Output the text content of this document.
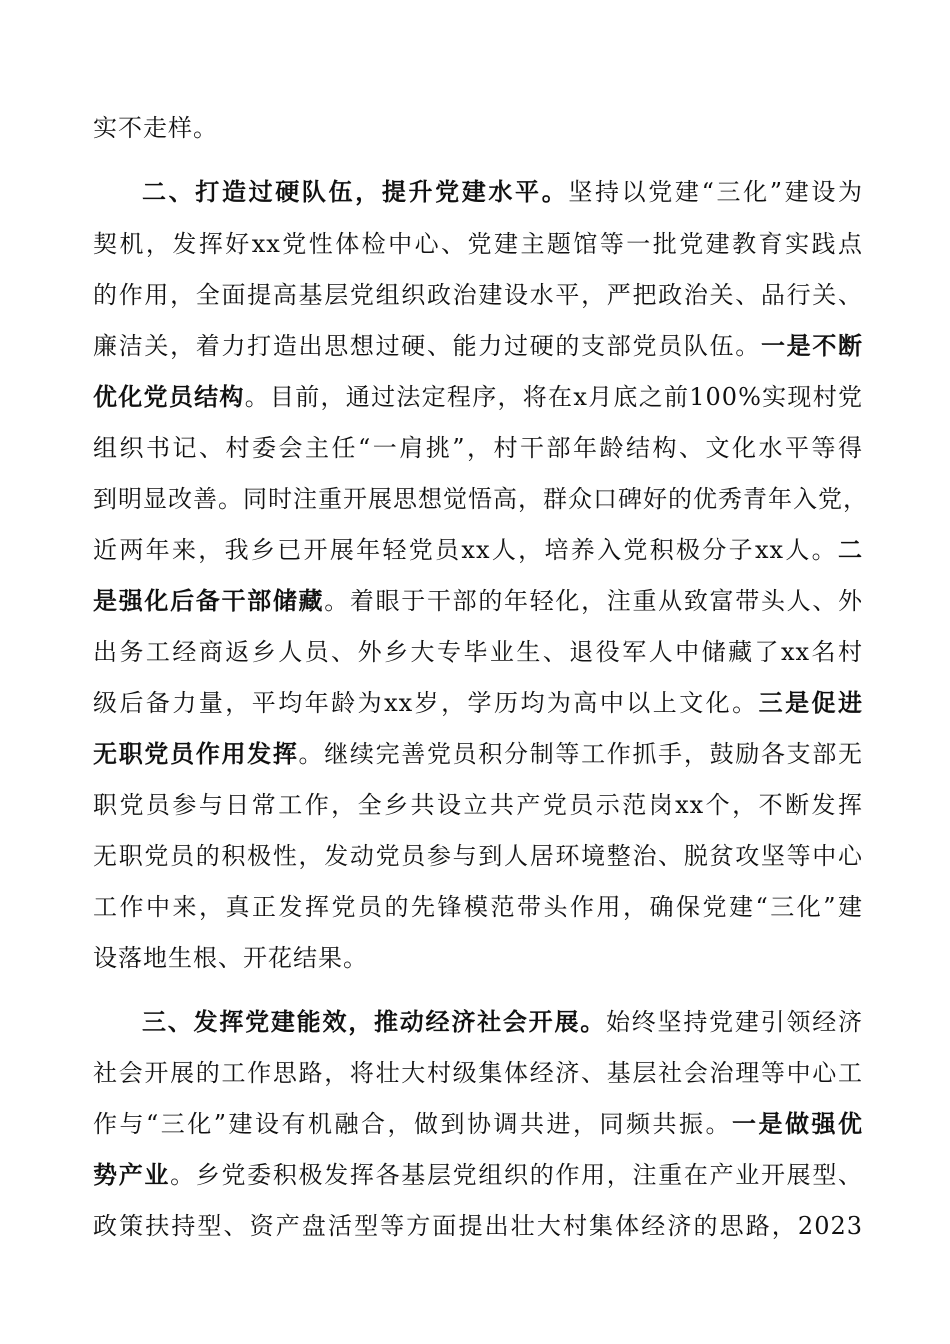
实不走样。
二、打造过硬队伍，提升党建水平。坚持以党建“三化”建设为
契机，发挥好xx党性体检中心、党建主题馆等一批党建教育实践点
的作用，全面提高基层党组织政治建设水平，严把政治关、品行关、
廉洁关，着力打造出思想过硬、能力过硬的支部党员队伍。一是不断
优化党员结构。目前，通过法定程序，将在x月底之前100%实现村党
组织书记、村委会主任“一肩挑”，村干部年龄结构、文化水平等得
到明显改善。同时注重开展思想觉悟高，群众口碑好的优秀青年入党，
近两年来，我乡已开展年轻党员xx人，培养入党积极分子xx人。二
是强化后备干部储藏。着眼于干部的年轻化，注重从致富带头人、外
出务工经商返乡人员、外乡大专毕业生、退役军人中储藏了xx名村
级后备力量，平均年龄为xx岁，学历均为高中以上文化。三是促进
无职党员作用发挥。继续完善党员积分制等工作抓手，鼓励各支部无
职党员参与日常工作，全乡共设立共产党员示范岗xx个，不断发挥
无职党员的积极性，发动党员参与到人居环境整治、脱贫攻坚等中心
工作中来，真正发挥党员的先锋模范带头作用，确保党建“三化”建
设落地生根、开花结果。
三、发挥党建能效，推动经济社会开展。始终坚持党建引领经济
社会开展的工作思路，将壮大村级集体经济、基层社会治理等中心工
作与“三化”建设有机融合，做到协调共进，同频共振。一是做强优
势产业。乡党委积极发挥各基层党组织的作用，注重在产业开展型、
政策扶持型、资产盘活型等方面提出壮大村集体经济的思路，2023
